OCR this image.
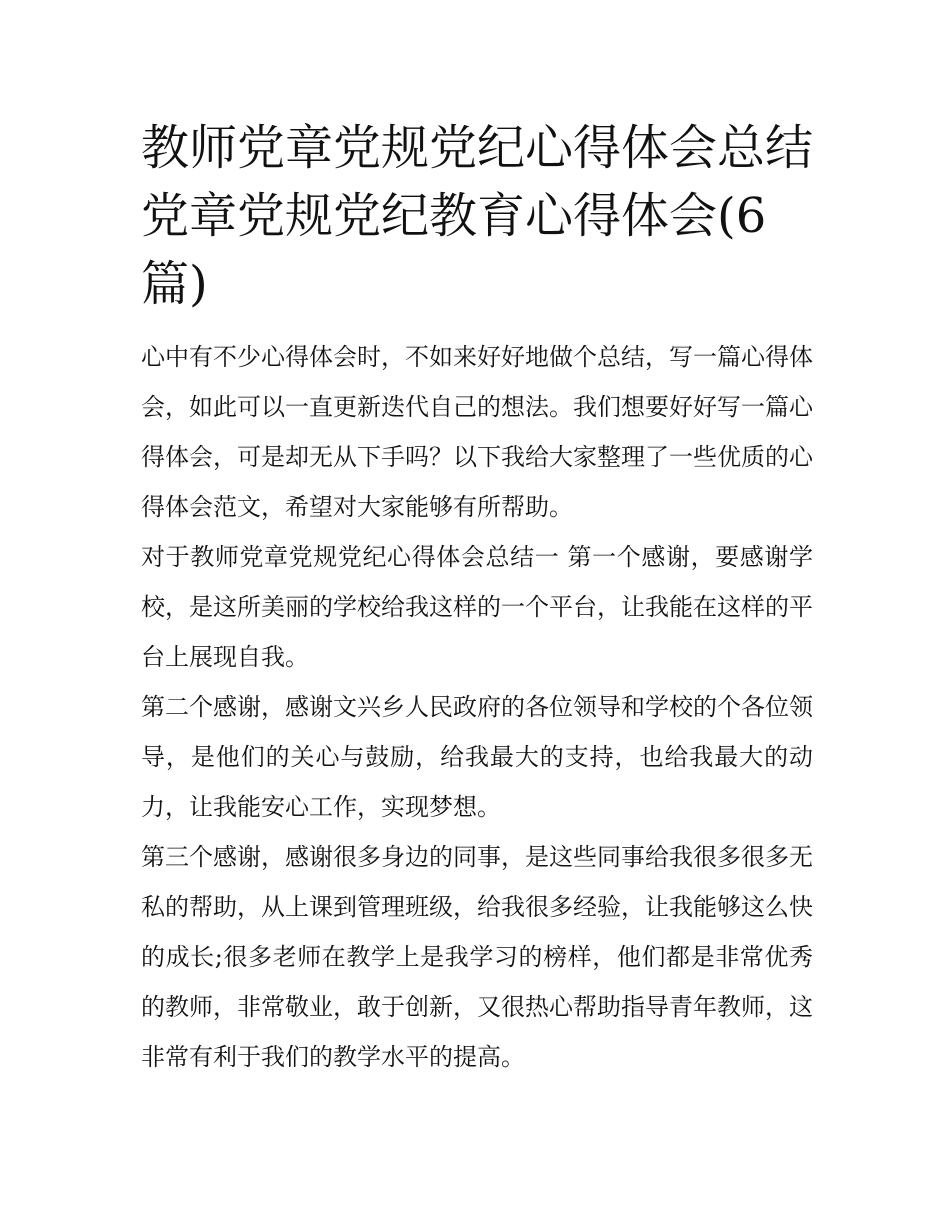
教师党章党规党纪心得体会总结 党章党规党纪教育心得体会(6篇)

心中有不少心得体会时，不如来好好地做个总结，写一篇心得体会，如此可以一直更新迭代自己的想法。我们想要好好写一篇心得体会，可是却无从下手吗？以下我给大家整理了一些优质的心得体会范文，希望对大家能够有所帮助。

对于教师党章党规党纪心得体会总结一 第一个感谢，要感谢学校，是这所美丽的学校给我这样的一个平台，让我能在这样的平台上展现自我。

第二个感谢，感谢文兴乡人民政府的各位领导和学校的个各位领导，是他们的关心与鼓励，给我最大的支持，也给我最大的动力，让我能安心工作，实现梦想。

第三个感谢，感谢很多身边的同事，是这些同事给我很多很多无私的帮助，从上课到管理班级，给我很多经验，让我能够这么快的成长;很多老师在教学上是我学习的榜样，他们都是非常优秀的教师，非常敬业，敢于创新，又很热心帮助指导青年教师，这非常有利于我们的教学水平的提高。
